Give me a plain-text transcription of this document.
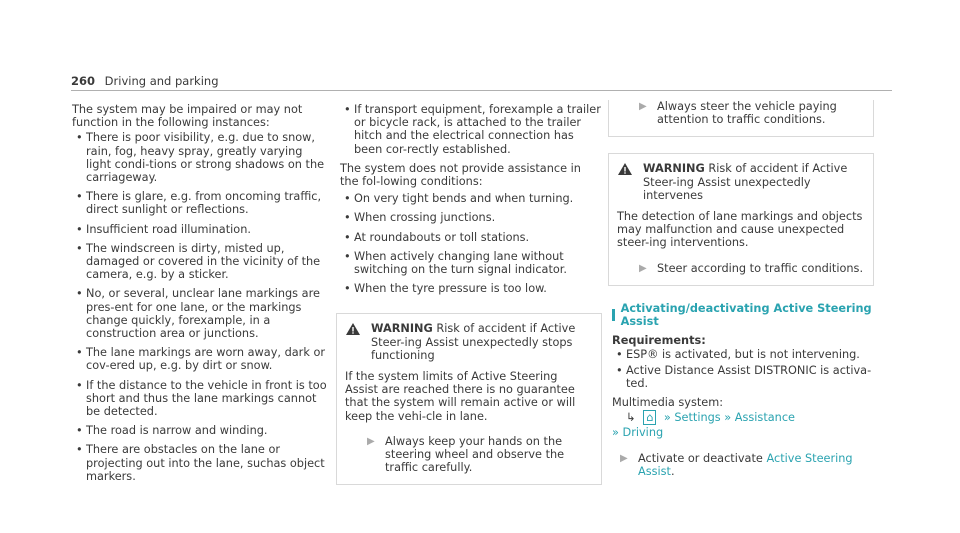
260 Driving and parking

The system may be impaired or may not function in the following instances:

• There is poor visibility, e.g. due to snow, rain, fog, heavy spray, greatly varying light condi-tions or strong shadows on the carriageway.
• There is glare, e.g. from oncoming traffic, direct sunlight or reflections.
• Insufficient road illumination.
• The windscreen is dirty, misted up, damaged or covered in the vicinity of the camera, e.g. by a sticker.
• No, or several, unclear lane markings are pres-ent for one lane, or the markings change quickly, forexample, in a construction area or junctions.
• The lane markings are worn away, dark or cov-ered up, e.g. by dirt or snow.
• If the distance to the vehicle in front is too short and thus the lane markings cannot be detected.
• The road is narrow and winding.
• There are obstacles on the lane or projecting out into the lane, suchas object markers.
• If transport equipment, forexample a trailer or bicycle rack, is attached to the trailer hitch and the electrical connection has been cor-rectly established.

The system does not provide assistance in the fol-lowing conditions:

• On very tight bends and when turning.
• When crossing junctions.
• At roundabouts or toll stations.
• When actively changing lane without switching on the turn signal indicator.
• When the tyre pressure is too low.
WARNING Risk of accident if Active Steer-ing Assist unexpectedly stops functioning

If the system limits of Active Steering Assist are reached there is no guarantee that the system will remain active or will keep the vehi-cle in lane.

▶ Always keep your hands on the steering wheel and observe the traffic carefully.
▶ Always steer the vehicle paying attention to traffic conditions.
WARNING Risk of accident if Active Steer-ing Assist unexpectedly intervenes

The detection of lane markings and objects may malfunction and cause unexpected steer-ing interventions.

▶ Steer according to traffic conditions.
Activating/deactivating Active Steering Assist

Requirements:

• ESP® is activated, but is not intervening.
• Active Distance Assist DISTRONIC is activa-ted.

Multimedia system:

↳ ⌂ » Settings » Assistance
» Driving
▶ Activate or deactivate Active Steering Assist.
